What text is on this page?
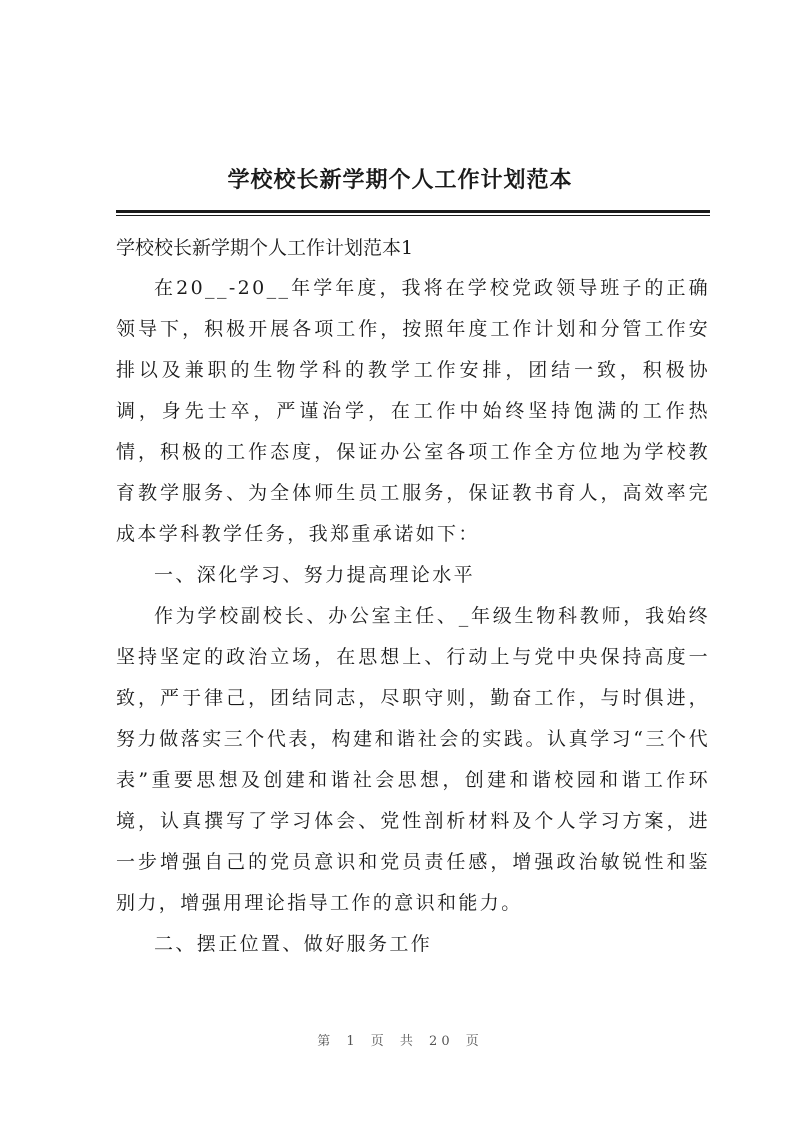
学校校长新学期个人工作计划范本
学校校长新学期个人工作计划范本1

在20__-20__年学年度，我将在学校党政领导班子的正确领导下，积极开展各项工作，按照年度工作计划和分管工作安排以及兼职的生物学科的教学工作安排，团结一致，积极协调，身先士卒，严谨治学，在工作中始终坚持饱满的工作热情，积极的工作态度，保证办公室各项工作全方位地为学校教育教学服务、为全体师生员工服务，保证教书育人，高效率完成本学科教学任务，我郑重承诺如下：

一、深化学习、努力提高理论水平

作为学校副校长、办公室主任、_年级生物科教师，我始终坚持坚定的政治立场，在思想上、行动上与党中央保持高度一致，严于律己，团结同志，尽职守则，勤奋工作，与时俱进，努力做落实三个代表，构建和谐社会的实践。认真学习“三个代表”重要思想及创建和谐社会思想，创建和谐校园和谐工作环境，认真撰写了学习体会、党性剖析材料及个人学习方案，进一步增强自己的党员意识和党员责任感，增强政治敏锐性和鉴别力，增强用理论指导工作的意识和能力。

二、摆正位置、做好服务工作

第 1 页 共 20 页
